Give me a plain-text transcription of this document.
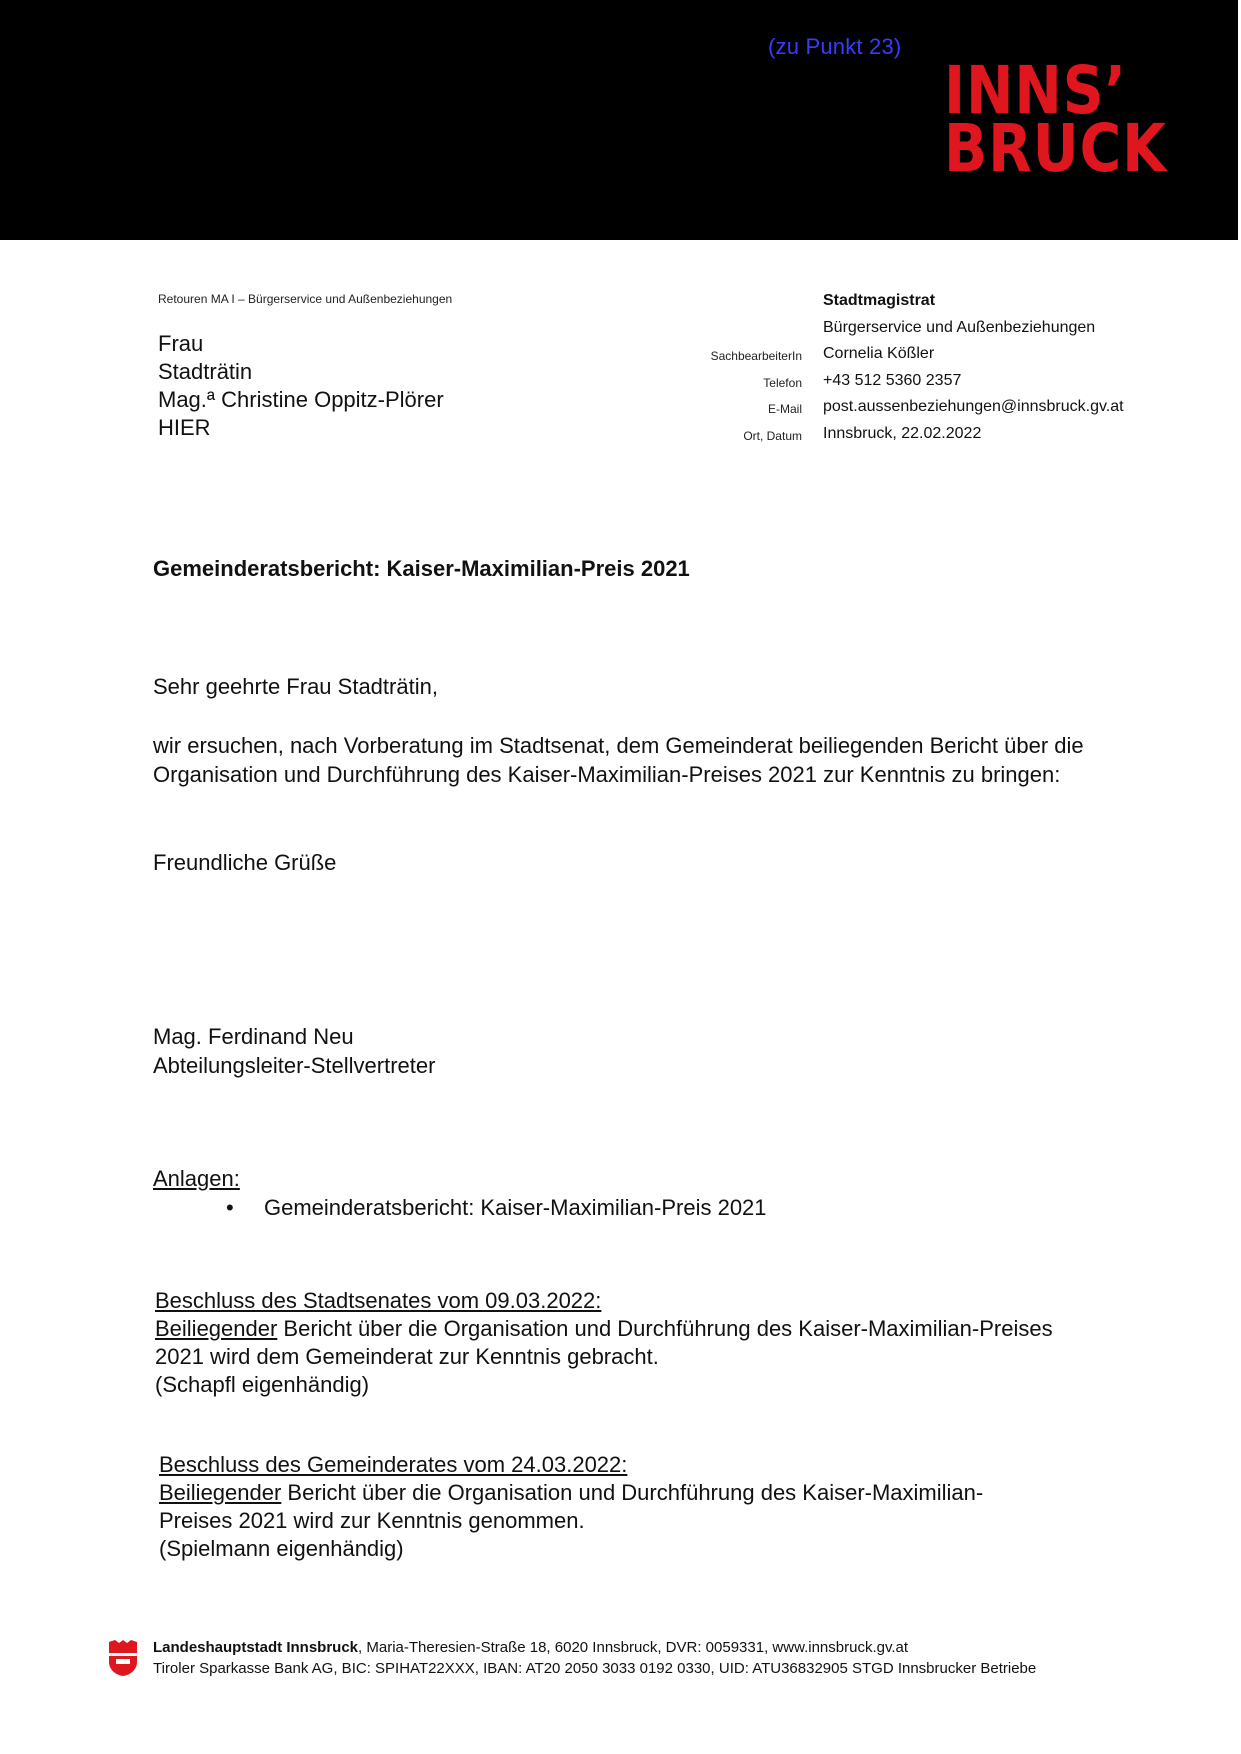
(zu Punkt 23)
INNS’
BRUCK
Retouren MA I – Bürgerservice und Außenbeziehungen
Frau
Stadträtin
Mag.ª Christine Oppitz-Plörer
HIER

SachbearbeiterIn
Telefon
E-Mail
Ort, Datum
Stadtmagistrat
Bürgerservice und Außenbeziehungen
Cornelia Kößler
+43 512 5360 2357
post.aussenbeziehungen@innsbruck.gv.at
Innsbruck, 22.02.2022
Gemeinderatsbericht: Kaiser-Maximilian-Preis 2021
Sehr geehrte Frau Stadträtin,
wir ersuchen, nach Vorberatung im Stadtsenat, dem Gemeinderat beiliegenden Bericht über die
Organisation und Durchführung des Kaiser-Maximilian-Preises 2021 zur Kenntnis zu bringen:
Freundliche Grüße
Mag. Ferdinand Neu
Abteilungsleiter-Stellvertreter
Anlagen:
• Gemeinderatsbericht: Kaiser-Maximilian-Preis 2021
Beschluss des Stadtsenates vom 09.03.2022:
Beiliegender Bericht über die Organisation und Durchführung des Kaiser-Maximilian-Preises
2021 wird dem Gemeinderat zur Kenntnis gebracht.
(Schapfl eigenhändig)
Beschluss des Gemeinderates vom 24.03.2022:
Beiliegender Bericht über die Organisation und Durchführung des Kaiser-Maximilian-
Preises 2021 wird zur Kenntnis genommen.
(Spielmann eigenhändig)
Landeshauptstadt Innsbruck, Maria-Theresien-Straße 18, 6020 Innsbruck, DVR: 0059331, www.innsbruck.gv.at
Tiroler Sparkasse Bank AG, BIC: SPIHAT22XXX, IBAN: AT20 2050 3033 0192 0330, UID: ATU36832905 STGD Innsbrucker Betriebe
